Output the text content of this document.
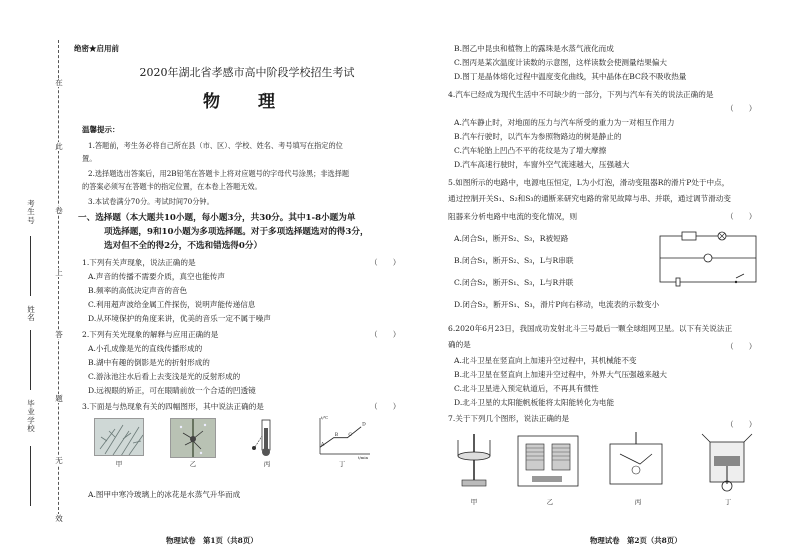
在
此
卷
上
答
题
无
效
考生号
姓名
毕业学校
绝密★启用前
2020年湖北省孝感市高中阶段学校招生考试
物 理
温馨提示：
1.答题前，考生务必将自己所在县（市、区）、学校、姓名、考号填写在指定的位
置。
2.选择题选出答案后，用2B铅笔在答题卡上将对应题号的字母代号涂黑；非选择题
的答案必须写在答题卡的指定位置，在本卷上答题无效。
3.本试卷满分70分。考试时间70分钟。
一、选择题（本大题共10小题，每小题3分，共30分。其中1-8小题为单
项选择题，9和10小题为多项选择题。对于多项选择题选对的得3分，
选对但不全的得2分，不选和错选得0分）
1.下列有关声现象，说法正确的是	（　　）
A.声音的传播不需要介质，真空也能传声
B.频率的高低决定声音的音色
C.利用超声波给金属工件探伤，说明声能传递信息
D.从环境保护的角度来讲，优美的音乐一定不属于噪声
2.下列有关光现象的解释与应用正确的是	（　　）
A.小孔成像是光的直线传播形成的
B.湖中有趣的倒影是光的折射形成的
C.游泳池注水后看上去变浅是光的反射形成的
D.远视眼的矫正，可在眼睛前放一个合适的凹透镜
3.下面是与热现象有关的四幅图形，其中说法正确的是	（　　）
甲	乙	丙
A
B C
D
t/min
t/℃
丁
A.图甲中寒冷玻璃上的冰花是水蒸气升华而成
物理试卷　第1页（共8页）
B.图乙中昆虫和植物上的露珠是水蒸气液化而成
C.图丙是某次温度计读数的示意图，这样读数会使测量结果偏大
D.图丁是晶体熔化过程中温度变化曲线，其中晶体在BC段不吸收热量
4.汽车已经成为现代生活中不可缺少的一部分，下列与汽车有关的说法正确的是
（　　）
A.汽车静止时，对地面的压力与汽车所受的重力为一对相互作用力
B.汽车行驶时，以汽车为参照物路边的树是静止的
C.汽车轮胎上凹凸不平的花纹是为了增大摩擦
D.汽车高速行驶时，车窗外空气流速越大，压强越大
5.如图所示的电路中，电源电压恒定，L为小灯泡，滑动变阻器R的滑片P处于中点，
通过控制开关S₁、S₂和S₃的通断来研究电路的常见故障与串、并联，通过调节滑动变
阻器来分析电路中电流的变化情况，则	（　　）
A.闭合S₁，断开S₂、S₃，R被短路
B.闭合S₁，断开S₂、S₃，L与R串联
C.闭合S₂，断开S₁、S₃，L与R并联
D.闭合S₂，断开S₁、S₃，滑片P向右移动，电流表的示数变小
6.2020年6月23日，我国成功发射北斗三号最后一颗全球组网卫星。以下有关说法正
确的是	（　　）
A.北斗卫星在竖直向上加速升空过程中，其机械能不变
B.北斗卫星在竖直向上加速升空过程中，外界大气压强越来越大
C.北斗卫星进入预定轨道后，不再具有惯性
D.北斗卫星的太阳能帆板能将太阳能转化为电能
7.关于下列几个图形，说法正确的是
（　　）
甲	乙	丙	丁
物理试卷　第2页（共8页）
